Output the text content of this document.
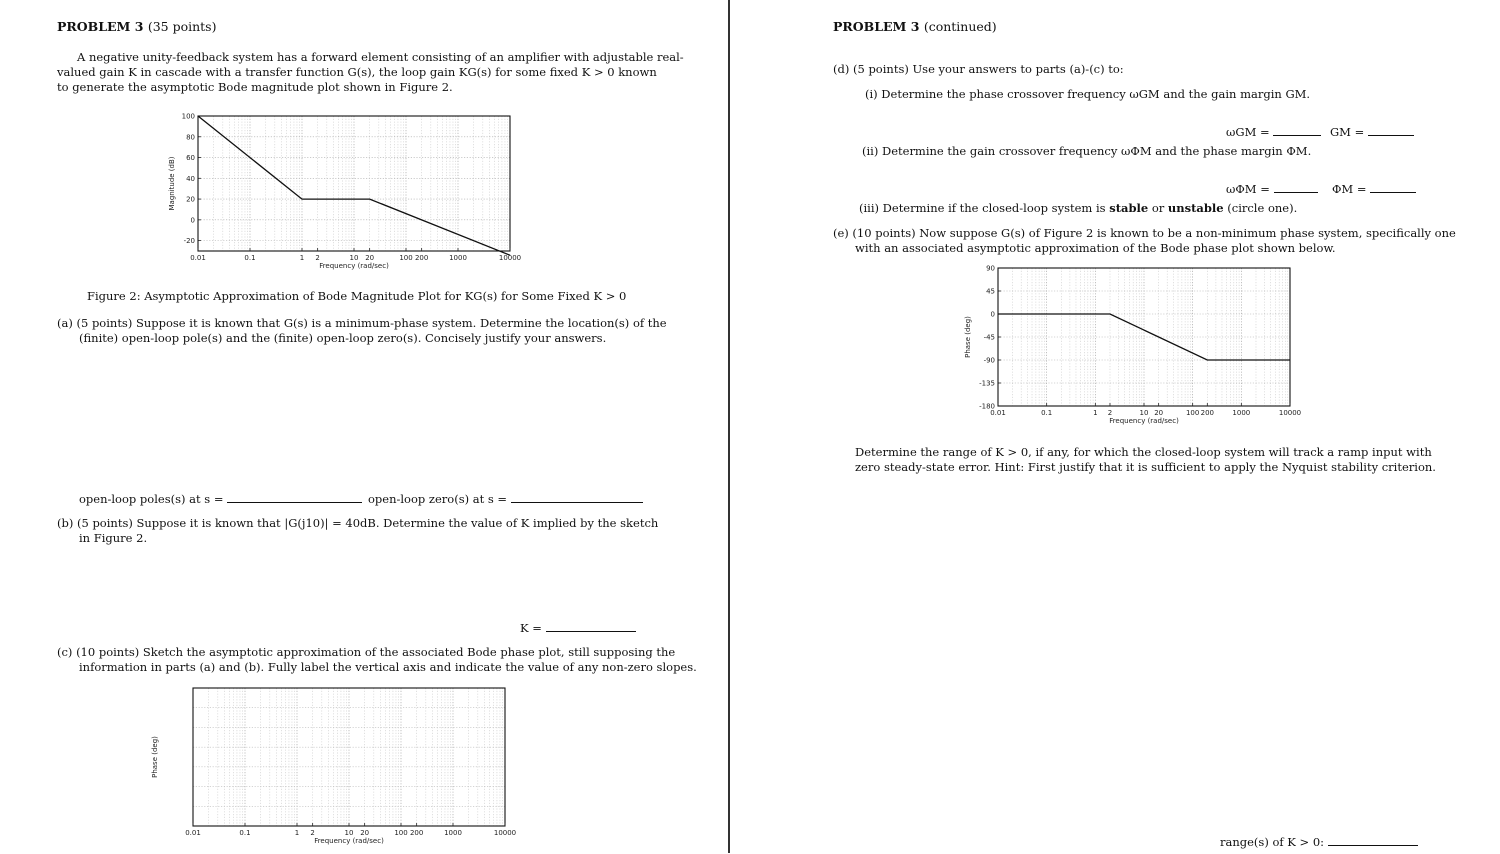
PROBLEM 3 (35 points)
A negative unity-feedback system has a forward element consisting of an amplifier with adjustable real-
valued gain K in cascade with a transfer function G(s), the loop gain KG(s) for some fixed K > 0 known
to generate the asymptotic Bode magnitude plot shown in Figure 2.
100
80
60
40
20
0
-20
0.01	0.1	1 2	10 20	100 200	1000	10000
Frequency (rad/sec)
Magnitude (dB)
Figure 2: Asymptotic Approximation of Bode Magnitude Plot for KG(s) for Some Fixed K > 0
(a) (5 points) Suppose it is known that G(s) is a minimum-phase system. Determine the location(s) of the
(finite) open-loop pole(s) and the (finite) open-loop zero(s). Concisely justify your answers.
open-loop poles(s) at s =	open-loop zero(s) at s =
(b) (5 points) Suppose it is known that |G(j10)| = 40dB. Determine the value of K implied by the sketch
in Figure 2.
K =
(c) (10 points) Sketch the asymptotic approximation of the associated Bode phase plot, still supposing the
information in parts (a) and (b). Fully label the vertical axis and indicate the value of any non-zero slopes.
0.01	0.1	1 2	10 20	100 200	1000	10000
Frequency (rad/sec)
Phase (deg)
PROBLEM 3 (continued)
(d) (5 points) Use your answers to parts (a)-(c) to:
(i) Determine the phase crossover frequency ωGM and the gain margin GM.
ωGM =	GM =
(ii) Determine the gain crossover frequency ωΦM and the phase margin ΦM.
ωΦM =	ΦM =
(iii) Determine if the closed-loop system is stable or unstable (circle one).
(e) (10 points) Now suppose G(s) of Figure 2 is known to be a non-minimum phase system, specifically one
with an associated asymptotic approximation of the Bode phase plot shown below.
90
45
0
-45
-90
-135
-180
0.01	0.1	1 2	10 20	100 200	1000	10000
Frequency (rad/sec)
Phase (deg)
Determine the range of K > 0, if any, for which the closed-loop system will track a ramp input with
zero steady-state error. Hint: First justify that it is sufficient to apply the Nyquist stability criterion.
range(s) of K > 0:
